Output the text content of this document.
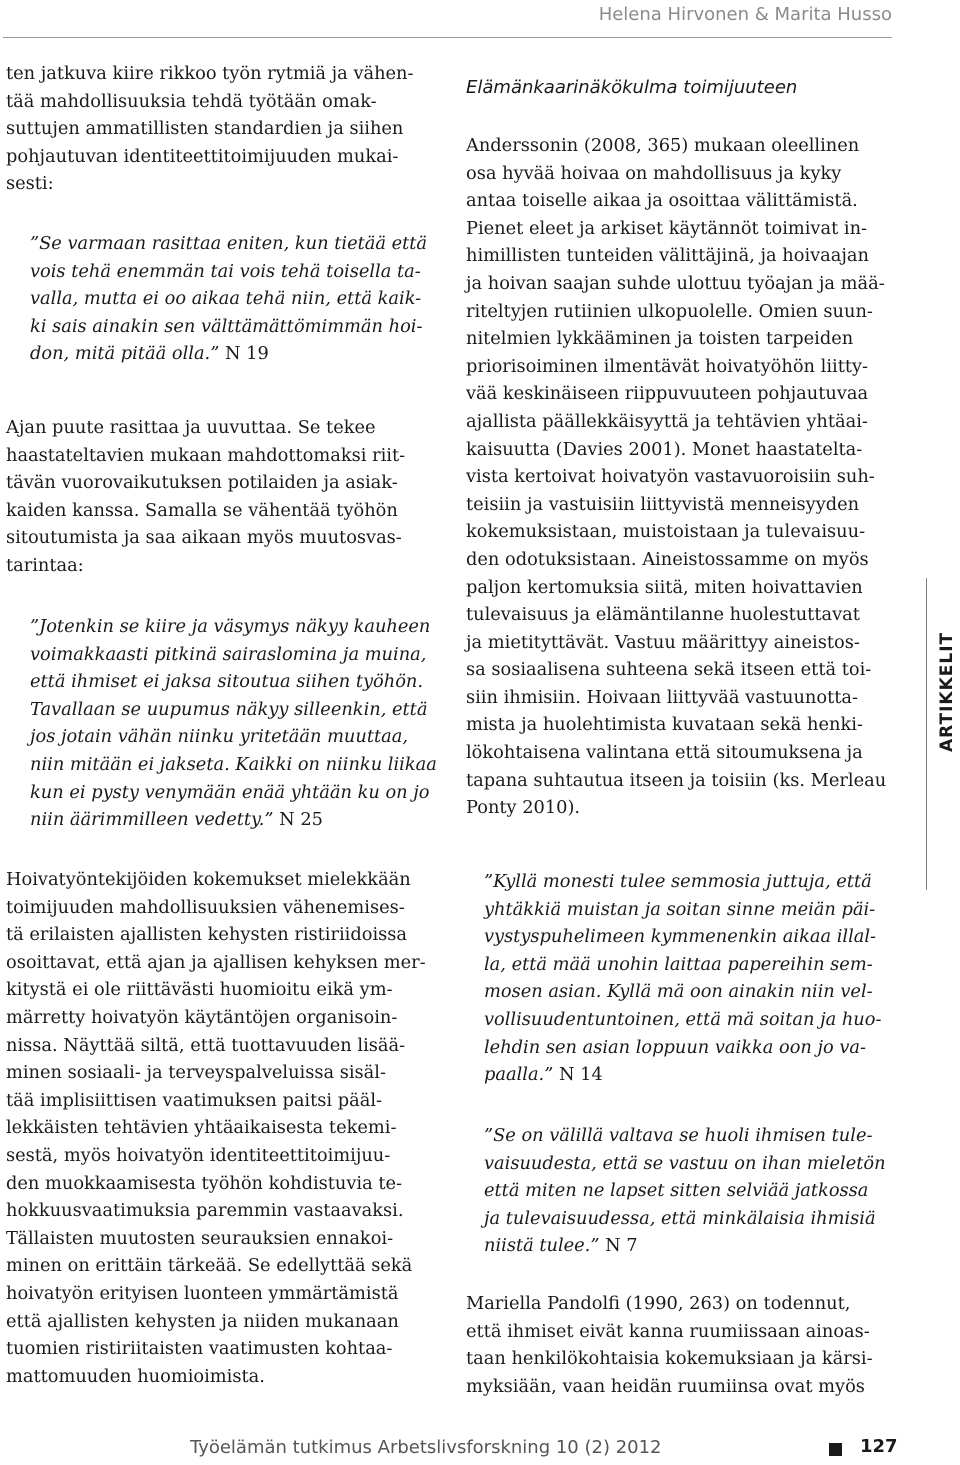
Helena Hirvonen & Marita Husso

ten jatkuva kiire rikkoo työn rytmiä ja vähen-
tää mahdollisuuksia tehdä työtään omak-
suttujen ammatillisten standardien ja siihen
pohjautuvan identiteettitoimijuuden mukai-
sesti:

”Se varmaan rasittaa eniten, kun tietää että
vois tehä enemmän tai vois tehä toisella ta-
valla, mutta ei oo aikaa tehä niin, että kaik-
ki sais ainakin sen välttämättömimmän hoi-
don, mitä pitää olla.” N 19

Ajan puute rasittaa ja uuvuttaa. Se tekee
haastateltavien mukaan mahdottomaksi riit-
tävän vuorovaikutuksen potilaiden ja asiak-
kaiden kanssa. Samalla se vähentää työhön
sitoutumista ja saa aikaan myös muutosvas-
tarintaa:

”Jotenkin se kiire ja väsymys näkyy kauheen
voimakkaasti pitkinä sairaslomina ja muina,
että ihmiset ei jaksa sitoutua siihen työhön.
Tavallaan se uupumus näkyy silleenkin, että
jos jotain vähän niinku yritetään muuttaa,
niin mitään ei jakseta. Kaikki on niinku liikaa
kun ei pysty venymään enää yhtään ku on jo
niin äärimmilleen vedetty.” N 25

Hoivatyöntekijöiden kokemukset mielekkään
toimijuuden mahdollisuuksien vähenemises-
tä erilaisten ajallisten kehysten ristiriidoissa
osoittavat, että ajan ja ajallisen kehyksen mer-
kitystä ei ole riittävästi huomioitu eikä ym-
märretty hoivatyön käytäntöjen organisoin-
nissa. Näyttää siltä, että tuottavuuden lisää-
minen sosiaali- ja terveyspalveluissa sisäl-
tää implisiittisen vaatimuksen paitsi pääl-
lekkäisten tehtävien yhtäaikaisesta tekemi-
sestä, myös hoivatyön identiteettitoimijuu-
den muokkaamisesta työhön kohdistuvia te-
hokkuusvaatimuksia paremmin vastaavaksi.
Tällaisten muutosten seurauksien ennakoi-
minen on erittäin tärkeää. Se edellyttää sekä
hoivatyön erityisen luonteen ymmärtämistä
että ajallisten kehysten ja niiden mukanaan
tuomien ristiriitaisten vaatimusten kohtaa-
mattomuuden huomioimista.

Elämänkaarinäkökulma toimijuuteen

Anderssonin (2008, 365) mukaan oleellinen
osa hyvää hoivaa on mahdollisuus ja kyky
antaa toiselle aikaa ja osoittaa välittämistä.
Pienet eleet ja arkiset käytännöt toimivat in-
himillisten tunteiden välittäjinä, ja hoivaajan
ja hoivan saajan suhde ulottuu työajan ja mää-
riteltyjen rutiinien ulkopuolelle. Omien suun-
nitelmien lykkääminen ja toisten tarpeiden
priorisoiminen ilmentävät hoivatyöhön liitty-
vää keskinäiseen riippuvuuteen pohjautuvaa
ajallista päällekkäisyyttä ja tehtävien yhtäai-
kaisuutta (Davies 2001). Monet haastatelta-
vista kertoivat hoivatyön vastavuoroisiin suh-
teisiin ja vastuisiin liittyvistä menneisyyden
kokemuksistaan, muistoistaan ja tulevaisuu-
den odotuksistaan. Aineistossamme on myös
paljon kertomuksia siitä, miten hoivattavien
tulevaisuus ja elämäntilanne huolestuttavat
ja mietityttävät. Vastuu määrittyy aineistos-
sa sosiaalisena suhteena sekä itseen että toi-
siin ihmisiin. Hoivaan liittyvää vastuunotta-
mista ja huolehtimista kuvataan sekä henki-
lökohtaisena valintana että sitoumuksena ja
tapana suhtautua itseen ja toisiin (ks. Merleau
Ponty 2010).

”Kyllä monesti tulee semmosia juttuja, että
yhtäkkiä muistan ja soitan sinne meiän päi-
vystyspuhelimeen kymmenenkin aikaa illal-
la, että mää unohin laittaa papereihin sem-
mosen asian. Kyllä mä oon ainakin niin vel-
vollisuudentuntoinen, että mä soitan ja huo-
lehdin sen asian loppuun vaikka oon jo va-
paalla.” N 14

”Se on välillä valtava se huoli ihmisen tule-
vaisuudesta, että se vastuu on ihan mieletön
että miten ne lapset sitten selviää jatkossa
ja tulevaisuudessa, että minkälaisia ihmisiä
niistä tulee.” N 7

Mariella Pandolfi (1990, 263) on todennut,
että ihmiset eivät kanna ruumiissaan ainoas-
taan henkilökohtaisia kokemuksiaan ja kärsi-
myksiään, vaan heidän ruumiinsa ovat myös

ARTIKKELIT
Työelämän tutkimus Arbetslivsforskning 10 (2) 2012	127
